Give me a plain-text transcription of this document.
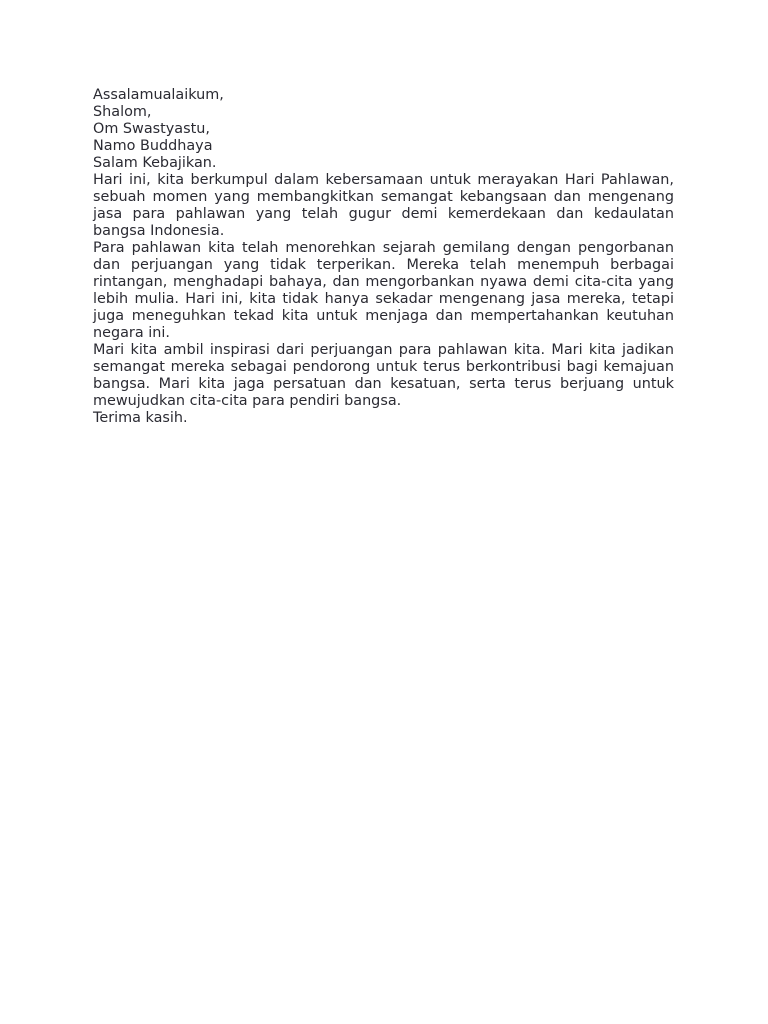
Assalamualaikum,

Shalom,

Om Swastyastu,

Namo Buddhaya

Salam Kebajikan.

Hari ini, kita berkumpul dalam kebersamaan untuk merayakan Hari Pahlawan, sebuah momen yang membangkitkan semangat kebangsaan dan mengenang jasa para pahlawan yang telah gugur demi kemerdekaan dan kedaulatan bangsa Indonesia.

Para pahlawan kita telah menorehkan sejarah gemilang dengan pengorbanan dan perjuangan yang tidak terperikan. Mereka telah menempuh berbagai rintangan, menghadapi bahaya, dan mengorbankan nyawa demi cita-cita yang lebih mulia. Hari ini, kita tidak hanya sekadar mengenang jasa mereka, tetapi juga meneguhkan tekad kita untuk menjaga dan mempertahankan keutuhan negara ini.

Mari kita ambil inspirasi dari perjuangan para pahlawan kita. Mari kita jadikan semangat mereka sebagai pendorong untuk terus berkontribusi bagi kemajuan bangsa. Mari kita jaga persatuan dan kesatuan, serta terus berjuang untuk mewujudkan cita-cita para pendiri bangsa.

Terima kasih.
